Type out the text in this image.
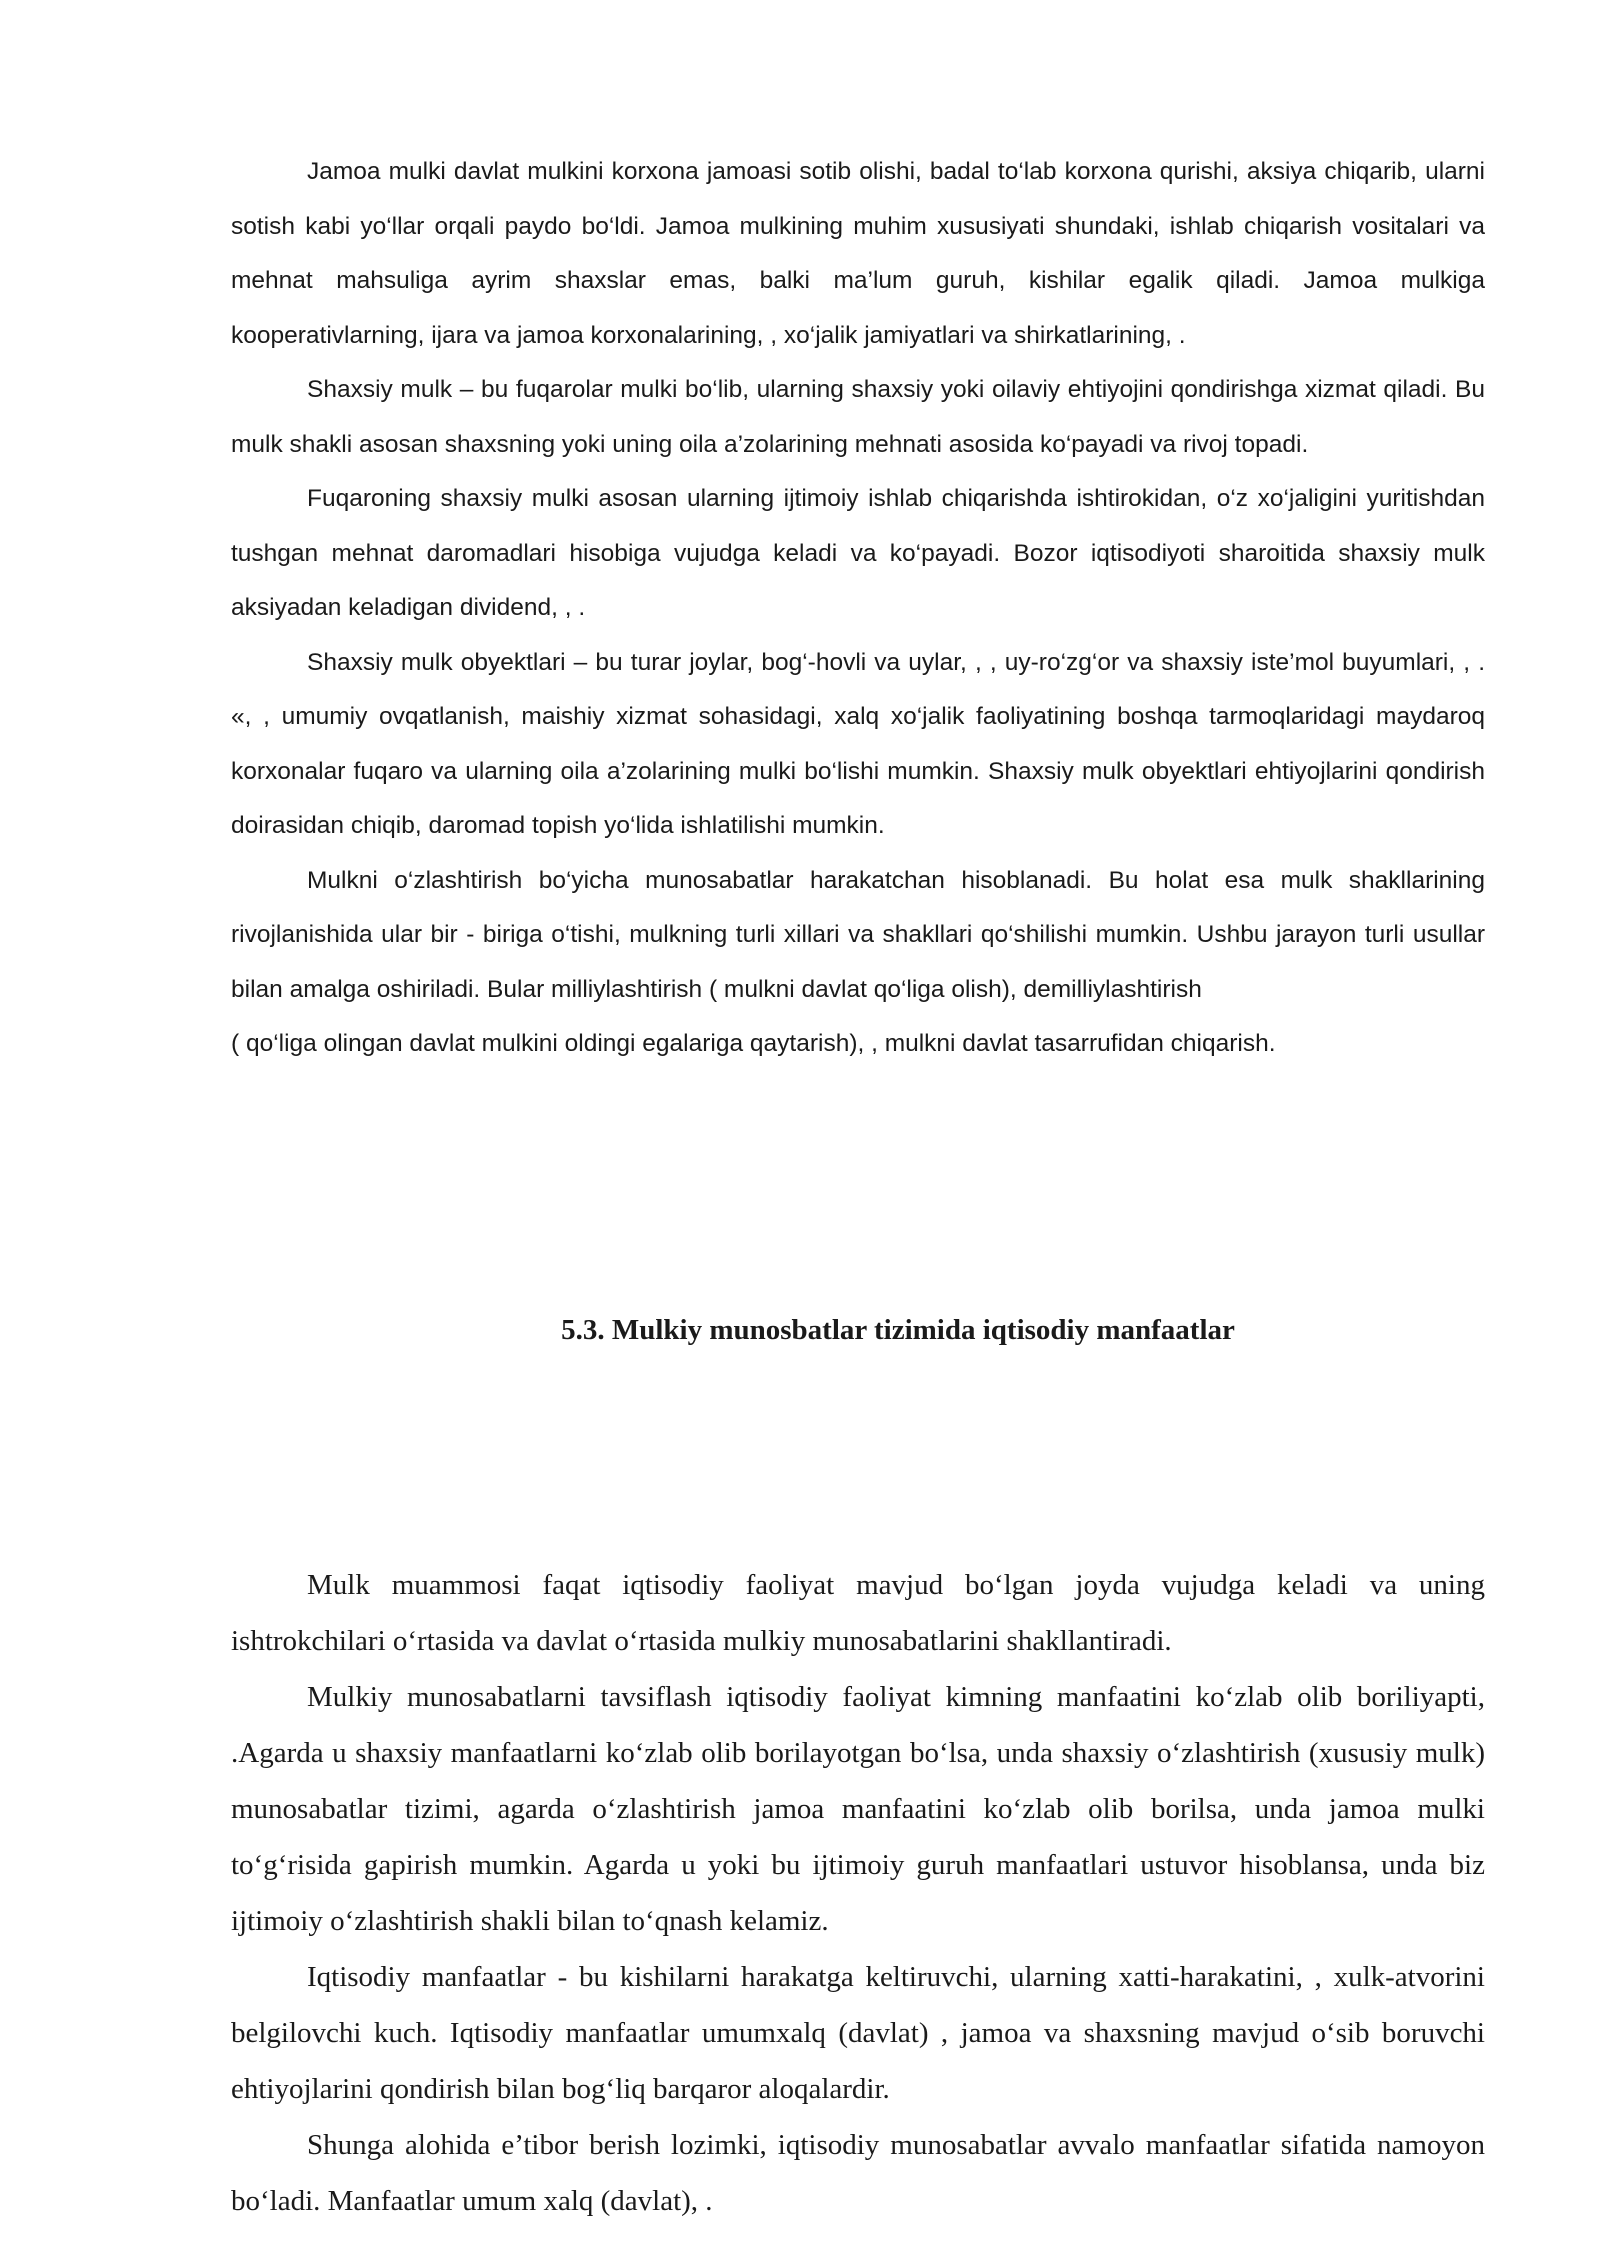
Jamoa mulki davlat mulkini korxona jamoasi sotib olishi, badal to‘lab korxona qurishi, aksiya chiqarib, ularni sotish kabi yo‘llar orqali paydo bo‘ldi. Jamoa mulkining muhim xususiyati shundaki, ishlab chiqarish vositalari va mehnat mahsuliga ayrim shaxslar emas, balki ma’lum guruh, kishilar egalik qiladi. Jamoa mulkiga kooperativlarning, ijara va jamoa korxonalarining, , xo‘jalik jamiyatlari va shirkatlarining, .

Shaxsiy mulk – bu fuqarolar mulki bo‘lib, ularning shaxsiy yoki oilaviy ehtiyojini qondirishga xizmat qiladi. Bu mulk shakli asosan shaxsning yoki uning oila a’zolarining mehnati asosida ko‘payadi va rivoj topadi.

Fuqaroning shaxsiy mulki asosan ularning ijtimoiy ishlab chiqarishda ishtirokidan, o‘z xo‘jaligini yuritishdan tushgan mehnat daromadlari hisobiga vujudga keladi va ko‘payadi. Bozor iqtisodiyoti sharoitida shaxsiy mulk aksiyadan keladigan dividend, , .

Shaxsiy mulk obyektlari – bu turar joylar, bog‘-hovli va uylar, , , uy-ro‘zg‘or va shaxsiy iste’mol buyumlari, , . «, , umumiy ovqatlanish, maishiy xizmat sohasidagi, xalq xo‘jalik faoliyatining boshqa tarmoqlaridagi maydaroq korxonalar fuqaro va ularning oila a’zolarining mulki bo‘lishi mumkin. Shaxsiy mulk obyektlari ehtiyojlarini qondirish doirasidan chiqib, daromad topish yo‘lida ishlatilishi mumkin.

Mulkni o‘zlashtirish bo‘yicha munosabatlar harakatchan hisoblanadi. Bu holat esa mulk shakllarining rivojlanishida ular bir - biriga o‘tishi, mulkning turli xillari va shakllari qo‘shilishi mumkin. Ushbu jarayon turli usullar bilan amalga oshiriladi. Bular milliylashtirish ( mulkni davlat qo‘liga olish), demilliylashtirish

( qo‘liga olingan davlat mulkini oldingi egalariga qaytarish), , mulkni davlat tasarrufidan chiqarish.

5.3. Mulkiy munosbatlar tizimida iqtisodiy manfaatlar

Mulk muammosi faqat iqtisodiy faoliyat mavjud bo‘lgan joyda vujudga keladi va uning ishtrokchilari o‘rtasida va davlat o‘rtasida mulkiy munosabatlarini shakllantiradi.

Mulkiy munosabatlarni tavsiflash iqtisodiy faoliyat kimning manfaatini ko‘zlab olib boriliyapti, .Agarda u shaxsiy manfaatlarni ko‘zlab olib borilayotgan bo‘lsa, unda shaxsiy o‘zlashtirish (xususiy mulk) munosabatlar tizimi, agarda o‘zlashtirish jamoa manfaatini ko‘zlab olib borilsa, unda jamoa mulki to‘g‘risida gapirish mumkin. Agarda u yoki bu ijtimoiy guruh manfaatlari ustuvor hisoblansa, unda biz ijtimoiy o‘zlashtirish shakli bilan to‘qnash kelamiz.

Iqtisodiy manfaatlar - bu kishilarni harakatga keltiruvchi, ularning xatti-harakatini, , xulk-atvorini belgilovchi kuch. Iqtisodiy manfaatlar umumxalq (davlat) , jamoa va shaxsning mavjud o‘sib boruvchi ehtiyojlarini qondirish bilan bog‘liq barqaror aloqalardir.

Shunga alohida e’tibor berish lozimki, iqtisodiy munosabatlar avvalo manfaatlar sifatida namoyon bo‘ladi. Manfaatlar umum xalq (davlat), .
